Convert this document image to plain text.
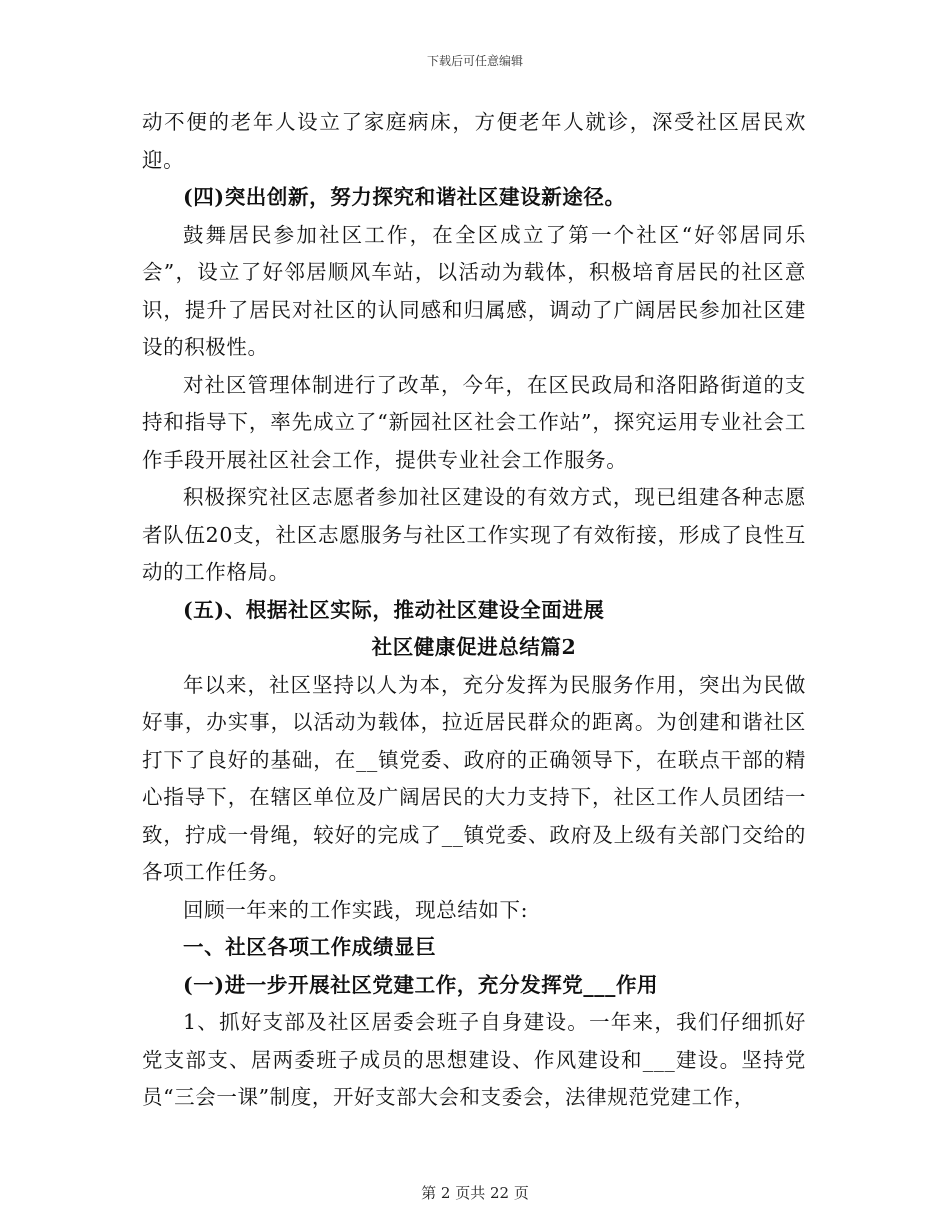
下载后可任意编辑

动不便的老年人设立了家庭病床，方便老年人就诊，深受社区居民欢迎。

(四)突出创新，努力探究和谐社区建设新途径。

鼓舞居民参加社区工作，在全区成立了第一个社区“好邻居同乐会”，设立了好邻居顺风车站，以活动为载体，积极培育居民的社区意识，提升了居民对社区的认同感和归属感，调动了广阔居民参加社区建设的积极性。

对社区管理体制进行了改革，今年，在区民政局和洛阳路街道的支持和指导下，率先成立了“新园社区社会工作站”，探究运用专业社会工作手段开展社区社会工作，提供专业社会工作服务。

积极探究社区志愿者参加社区建设的有效方式，现已组建各种志愿者队伍20支，社区志愿服务与社区工作实现了有效衔接，形成了良性互动的工作格局。

(五)、根据社区实际，推动社区建设全面进展

社区健康促进总结篇2

年以来，社区坚持以人为本，充分发挥为民服务作用，突出为民做好事，办实事，以活动为载体，拉近居民群众的距离。为创建和谐社区打下了良好的基础，在__镇党委、政府的正确领导下，在联点干部的精心指导下，在辖区单位及广阔居民的大力支持下，社区工作人员团结一致，拧成一骨绳，较好的完成了__镇党委、政府及上级有关部门交给的各项工作任务。

回顾一年来的工作实践，现总结如下:

一、社区各项工作成绩显巨

(一)进一步开展社区党建工作，充分发挥党___作用

1、抓好支部及社区居委会班子自身建设。一年来，我们仔细抓好党支部支、居两委班子成员的思想建设、作风建设和___建设。坚持党员“三会一课”制度，开好支部大会和支委会，法律规范党建工作，

第 2 页共 22 页
